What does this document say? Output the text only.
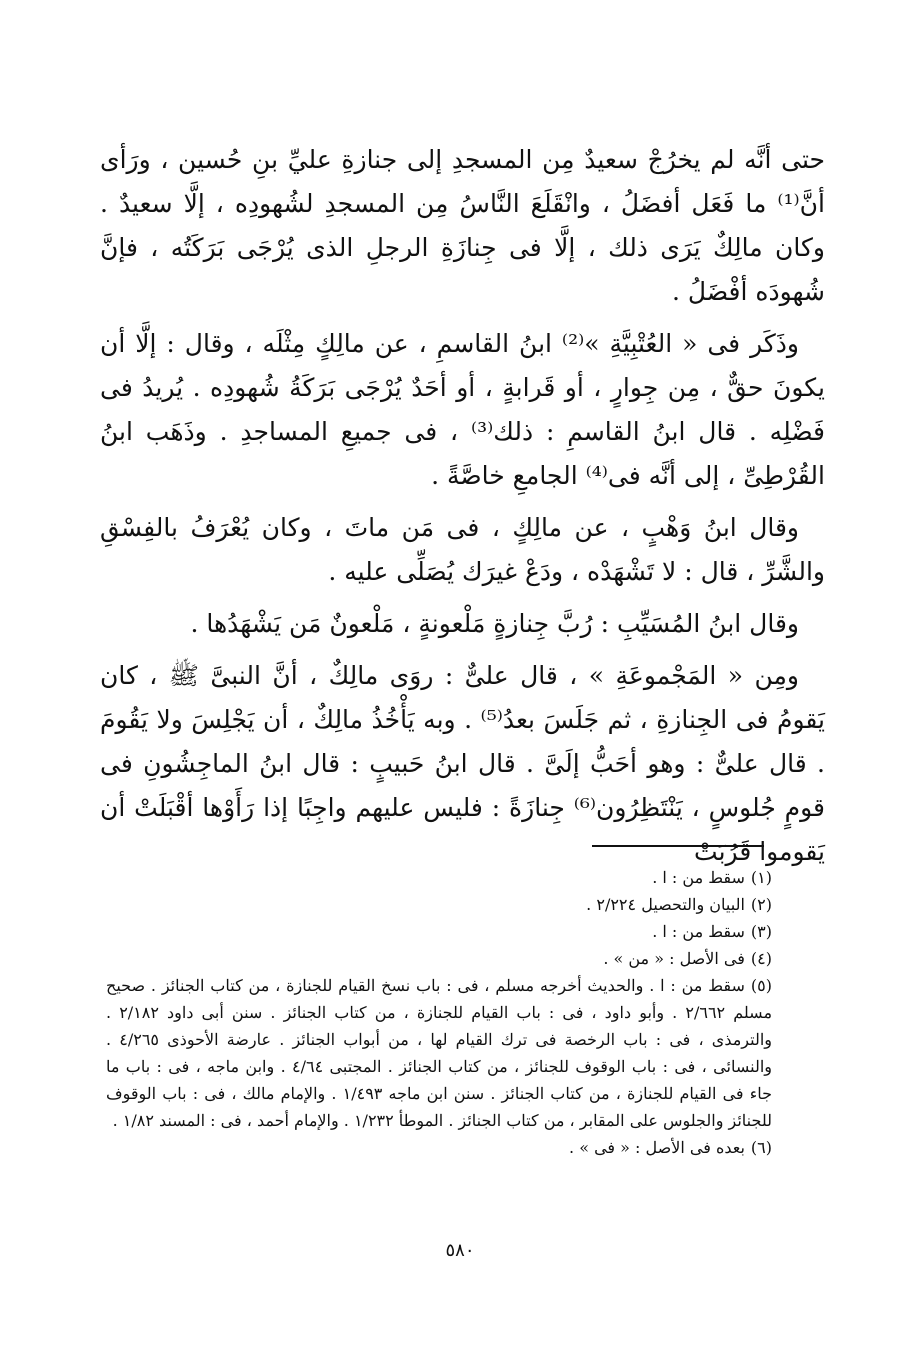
حتى أنَّه لم يخرُجْ سعيدٌ مِن المسجدِ إلى جنازةِ عليِّ بنِ حُسين ، ورَأى أنَّ⁽¹⁾ ما فَعَل أفضَلُ ، وانْقَلَعَ النَّاسُ مِن المسجدِ لشُهودِه ، إلَّا سعيدٌ . وكان مالِكٌ يَرَى ذلك ، إلَّا فى جِنازَةِ الرجلِ الذى يُرْجَى بَرَكَتُه ، فإنَّ شُهودَه أفْضَلُ .

وذَكَر فى « العُتْبِيَّةِ »⁽²⁾ ابنُ القاسمِ ، عن مالِكٍ مِثْلَه ، وقال : إلَّا أن يكونَ حقٌّ ، مِن جِوارٍ ، أو قَرابةٍ ، أو أحَدٌ يُرْجَى بَرَكَةُ شُهودِه . يُريدُ فى فَضْلِه . قال ابنُ القاسمِ : ذلك⁽³⁾ ، فى جميعِ المساجدِ . وذَهَب ابنُ القُرْطِىِّ ، إلى أنَّه فى⁽⁴⁾ الجامعِ خاصَّةً .

وقال ابنُ وَهْبٍ ، عن مالِكٍ ، فى مَن ماتَ ، وكان يُعْرَفُ بالفِسْقِ والشَّرِّ ، قال : لا تَشْهَدْه ، ودَعْ غيرَك يُصَلِّى عليه .

وقال ابنُ المُسَيِّبِ : رُبَّ جِنازةٍ مَلْعونةٍ ، مَلْعونٌ مَن يَشْهَدُها .

ومِن « المَجْموعَةِ » ، قال علىٌّ : روَى مالِكٌ ، أنَّ النبىَّ ﷺ ، كان يَقومُ فى الجِنازةِ ، ثم جَلَسَ بعدُ⁽⁵⁾ . وبه يَأْخُذُ مالِكٌ ، أن يَجْلِسَ ولا يَقُومَ . قال علىٌّ : وهو أحَبُّ إلَىَّ . قال ابنُ حَبيبٍ : قال ابنُ الماجِشُونِ فى قومٍ جُلوسٍ ، يَنْتَظِرُون⁽⁶⁾ جِنازَةً : فليس عليهم واجِبًا إذا رَأَوْها أقْبَلَتْ أن يَقوموا قَرُبَتْ

(١)سقط من : ا .

(٢)البيان والتحصيل ٢/٢٢٤ .

(٣)سقط من : ا .

(٤)فى الأصل : « من » .

(٥)سقط من : ا . والحديث أخرجه مسلم ، فى : باب نسخ القيام للجنازة ، من كتاب الجنائز . صحيح مسلم ٢/٦٦٢ . وأبو داود ، فى : باب القيام للجنازة ، من كتاب الجنائز . سنن أبى داود ٢/١٨٢ . والترمذى ، فى : باب الرخصة فى ترك القيام لها ، من أبواب الجنائز . عارضة الأحوذى ٤/٢٦٥ . والنسائى ، فى : باب الوقوف للجنائز ، من كتاب الجنائز . المجتبى ٤/٦٤ . وابن ماجه ، فى : باب ما جاء فى القيام للجنازة ، من كتاب الجنائز . سنن ابن ماجه ١/٤٩٣ . والإمام مالك ، فى : باب الوقوف للجنائز والجلوس على المقابر ، من كتاب الجنائز . الموطأ ١/٢٣٢ . والإمام أحمد ، فى : المسند ١/٨٢ .

(٦)بعده فى الأصل : « فى » .

٥٨٠
